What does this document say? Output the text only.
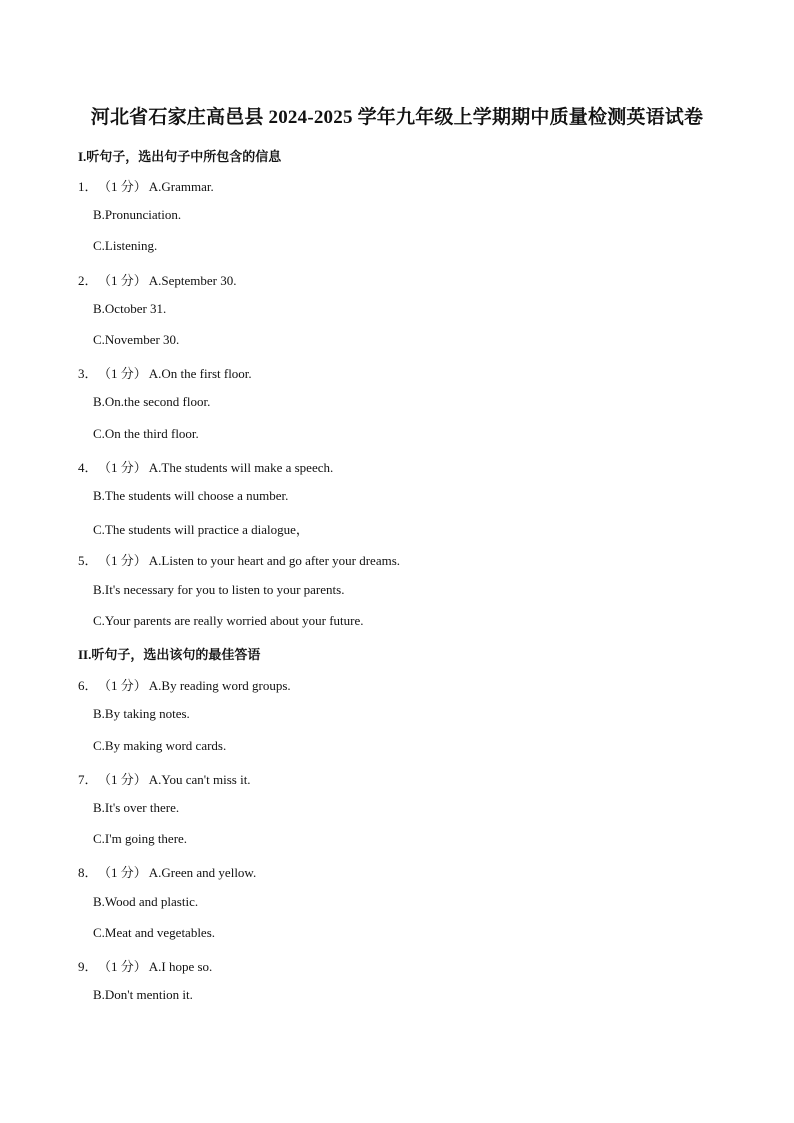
河北省石家庄高邑县 2024-2025 学年九年级上学期期中质量检测英语试卷
I.听句子，选出句子中所包含的信息
1．（1 分） A.Grammar.
B.Pronunciation.
C.Listening.
2．（1 分） A.September 30.
B.October 31.
C.November 30.
3．（1 分） A.On the first floor.
B.On.the second floor.
C.On the third floor.
4．（1 分） A.The students will make a speech.
B.The students will choose a number.
C.The students will practice a dialogue，
5．（1 分） A.Listen to your heart and go after your dreams.
B.It's necessary for you to listen to your parents.
C.Your parents are really worried about your future.
II.听句子，选出该句的最佳答语
6．（1 分） A.By reading word groups.
B.By taking notes.
C.By making word cards.
7．（1 分） A.You can't miss it.
B.It's over there.
C.I'm going there.
8．（1 分） A.Green and yellow.
B.Wood and plastic.
C.Meat and vegetables.
9．（1 分） A.I hope so.
B.Don't mention it.
